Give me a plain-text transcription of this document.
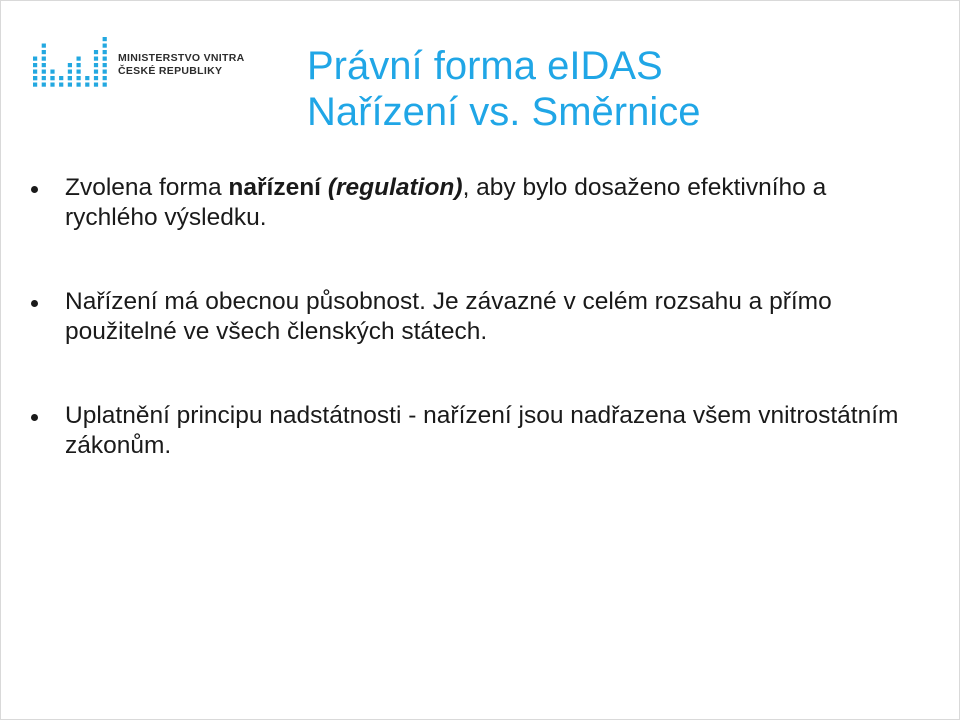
MINISTERSTVO VNITRA
ČESKÉ REPUBLIKY	Právní forma eIDAS
Nařízení vs. Směrnice
Zvolena forma nařízení (regulation), aby bylo dosaženo efektivního a rychlého výsledku.
Nařízení má obecnou působnost. Je závazné v celém rozsahu a přímo použitelné ve všech členských státech.
Uplatnění principu nadstátnosti - nařízení jsou nadřazena všem vnitrostátním zákonům.
